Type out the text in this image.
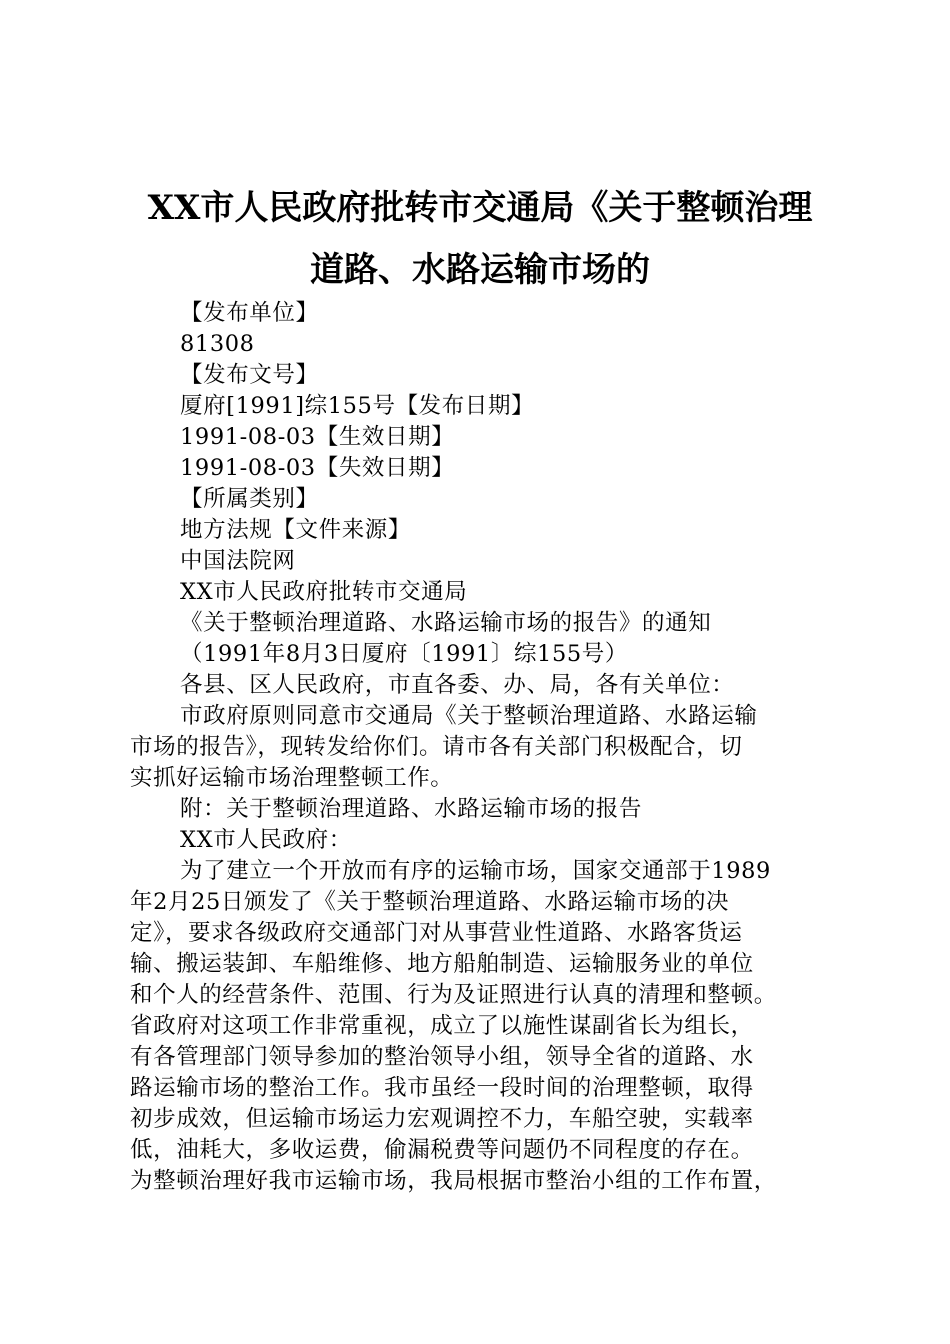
XX市人民政府批转市交通局《关于整顿治理
道路、水路运输市场的
【发布单位】
81308
【发布文号】
厦府[1991]综155号【发布日期】
1991-08-03【生效日期】
1991-08-03【失效日期】
【所属类别】
地方法规【文件来源】
中国法院网
XX市人民政府批转市交通局
《关于整顿治理道路、水路运输市场的报告》的通知
（1991年8月3日厦府〔1991〕综155号）
各县、区人民政府，市直各委、办、局，各有关单位：
市政府原则同意市交通局《关于整顿治理道路、水路运输
市场的报告》，现转发给你们。请市各有关部门积极配合，切
实抓好运输市场治理整顿工作。
附：关于整顿治理道路、水路运输市场的报告
XX市人民政府：
为了建立一个开放而有序的运输市场，国家交通部于1989
年2月25日颁发了《关于整顿治理道路、水路运输市场的决
定》，要求各级政府交通部门对从事营业性道路、水路客货运
输、搬运装卸、车船维修、地方船舶制造、运输服务业的单位
和个人的经营条件、范围、行为及证照进行认真的清理和整顿。
省政府对这项工作非常重视，成立了以施性谋副省长为组长，
有各管理部门领导参加的整治领导小组，领导全省的道路、水
路运输市场的整治工作。我市虽经一段时间的治理整顿，取得
初步成效，但运输市场运力宏观调控不力，车船空驶，实载率
低，油耗大，多收运费，偷漏税费等问题仍不同程度的存在。
为整顿治理好我市运输市场，我局根据市整治小组的工作布置，
